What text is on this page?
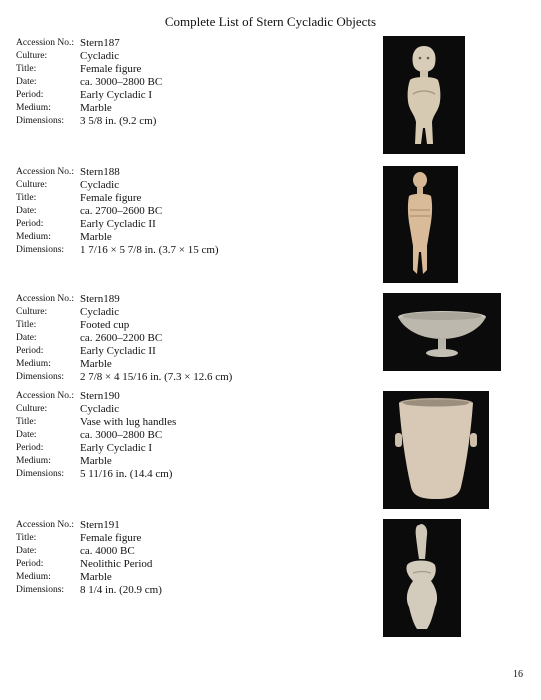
Complete List of Stern Cycladic Objects
Accession No.: Stern187
Culture:	Cycladic
Title:	Female figure
Date:	ca. 3000–2800 BC
Period:	Early Cycladic I
Medium:	Marble
Dimensions:	3 5/8 in. (9.2 cm)
Accession No.: Stern188
Culture:	Cycladic
Title:	Female figure
Date:	ca. 2700–2600 BC
Period:	Early Cycladic II
Medium:	Marble
Dimensions:	1 7/16 × 5 7/8 in. (3.7 × 15 cm)
Accession No.: Stern189
Culture:	Cycladic
Title:	Footed cup
Date:	ca. 2600–2200 BC
Period:	Early Cycladic II
Medium:	Marble
Dimensions:	2 7/8 × 4 15/16 in. (7.3 × 12.6 cm)
Accession No.: Stern190
Culture:	Cycladic
Title:	Vase with lug handles
Date:	ca. 3000–2800 BC
Period:	Early Cycladic I
Medium:	Marble
Dimensions:	5 11/16 in. (14.4 cm)
Accession No.: Stern191
Title:	Female figure
Date:	ca. 4000 BC
Period:	Neolithic Period
Medium:	Marble
Dimensions:	8 1/4 in. (20.9 cm)
16
